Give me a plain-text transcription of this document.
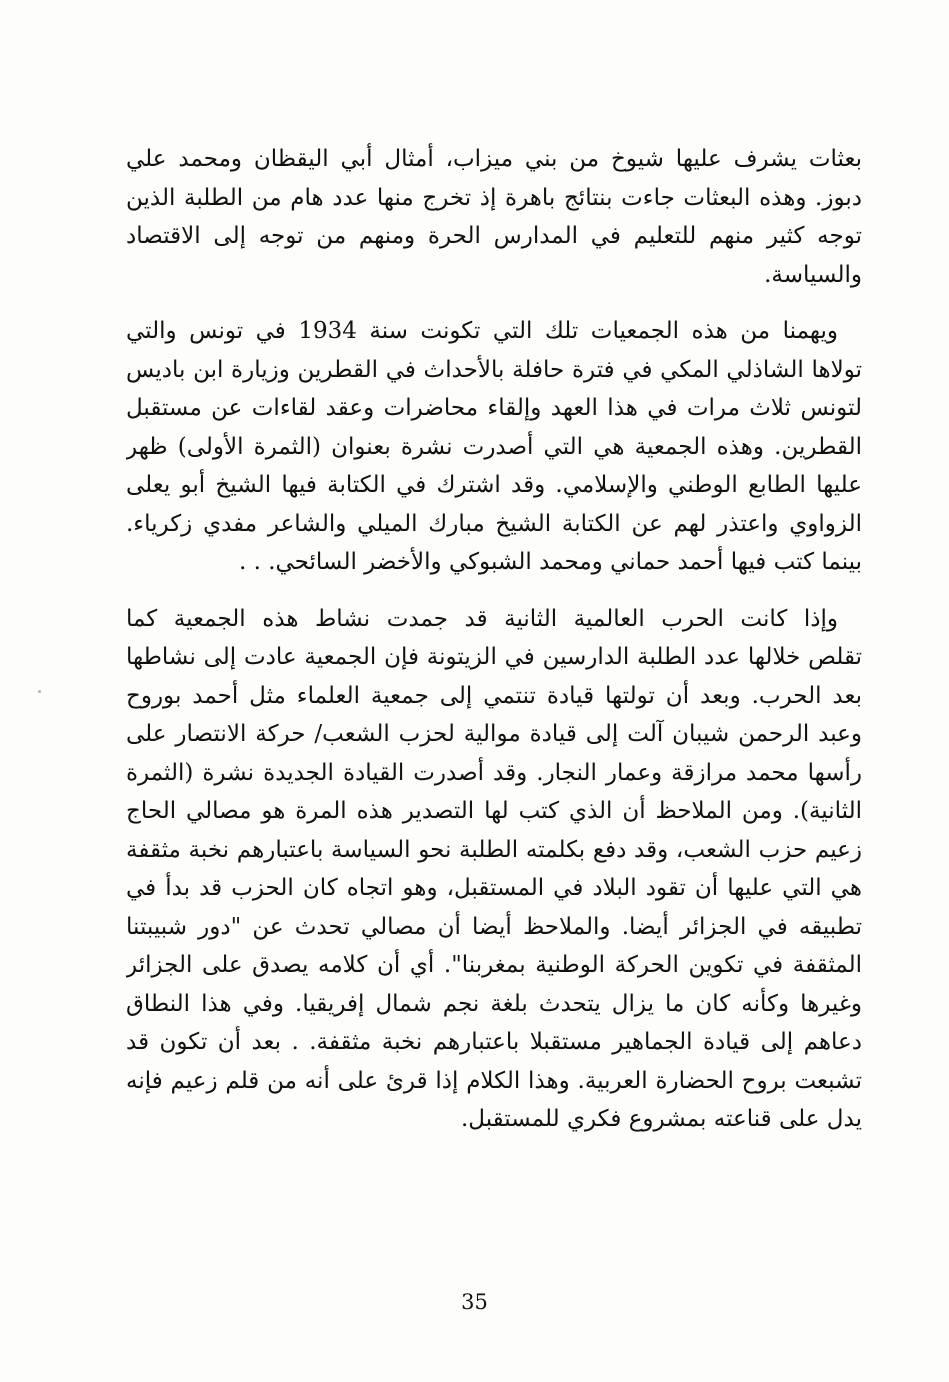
بعثات يشرف عليها شيوخ من بني ميزاب، أمثال أبي اليقظان ومحمد علي
دبوز. وهذه البعثات جاءت بنتائج باهرة إذ تخرج منها عدد هام من الطلبة الذين
توجه كثير منهم للتعليم في المدارس الحرة ومنهم من توجه إلى الاقتصاد
والسياسة.
ويهمنا من هذه الجمعيات تلك التي تكونت سنة 1934 في تونس والتي
تولاها الشاذلي المكي في فترة حافلة بالأحداث في القطرين وزيارة ابن باديس
لتونس ثلاث مرات في هذا العهد وإلقاء محاضرات وعقد لقاءات عن مستقبل
القطرين. وهذه الجمعية هي التي أصدرت نشرة بعنوان (الثمرة الأولى) ظهر
عليها الطابع الوطني والإسلامي. وقد اشترك في الكتابة فيها الشيخ أبو يعلى
الزواوي واعتذر لهم عن الكتابة الشيخ مبارك الميلي والشاعر مفدي زكرياء.
بينما كتب فيها أحمد حماني ومحمد الشبوكي والأخضر السائحي. . .
وإذا كانت الحرب العالمية الثانية قد جمدت نشاط هذه الجمعية كما
تقلص خلالها عدد الطلبة الدارسين في الزيتونة فإن الجمعية عادت إلى نشاطها
بعد الحرب. وبعد أن تولتها قيادة تنتمي إلى جمعية العلماء مثل أحمد بوروح
وعبد الرحمن شيبان آلت إلى قيادة موالية لحزب الشعب/ حركة الانتصار على
رأسها محمد مرازقة وعمار النجار. وقد أصدرت القيادة الجديدة نشرة (الثمرة
الثانية). ومن الملاحظ أن الذي كتب لها التصدير هذه المرة هو مصالي الحاج
زعيم حزب الشعب، وقد دفع بكلمته الطلبة نحو السياسة باعتبارهم نخبة مثقفة
هي التي عليها أن تقود البلاد في المستقبل، وهو اتجاه كان الحزب قد بدأ في
تطبيقه في الجزائر أيضا. والملاحظ أيضا أن مصالي تحدث عن "دور شبيبتنا
المثقفة في تكوين الحركة الوطنية بمغربنا". أي أن كلامه يصدق على الجزائر
وغيرها وكأنه كان ما يزال يتحدث بلغة نجم شمال إفريقيا. وفي هذا النطاق
دعاهم إلى قيادة الجماهير مستقبلا باعتبارهم نخبة مثقفة. . بعد أن تكون قد
تشبعت بروح الحضارة العربية. وهذا الكلام إذا قرئ على أنه من قلم زعيم فإنه
يدل على قناعته بمشروع فكري للمستقبل.
35
